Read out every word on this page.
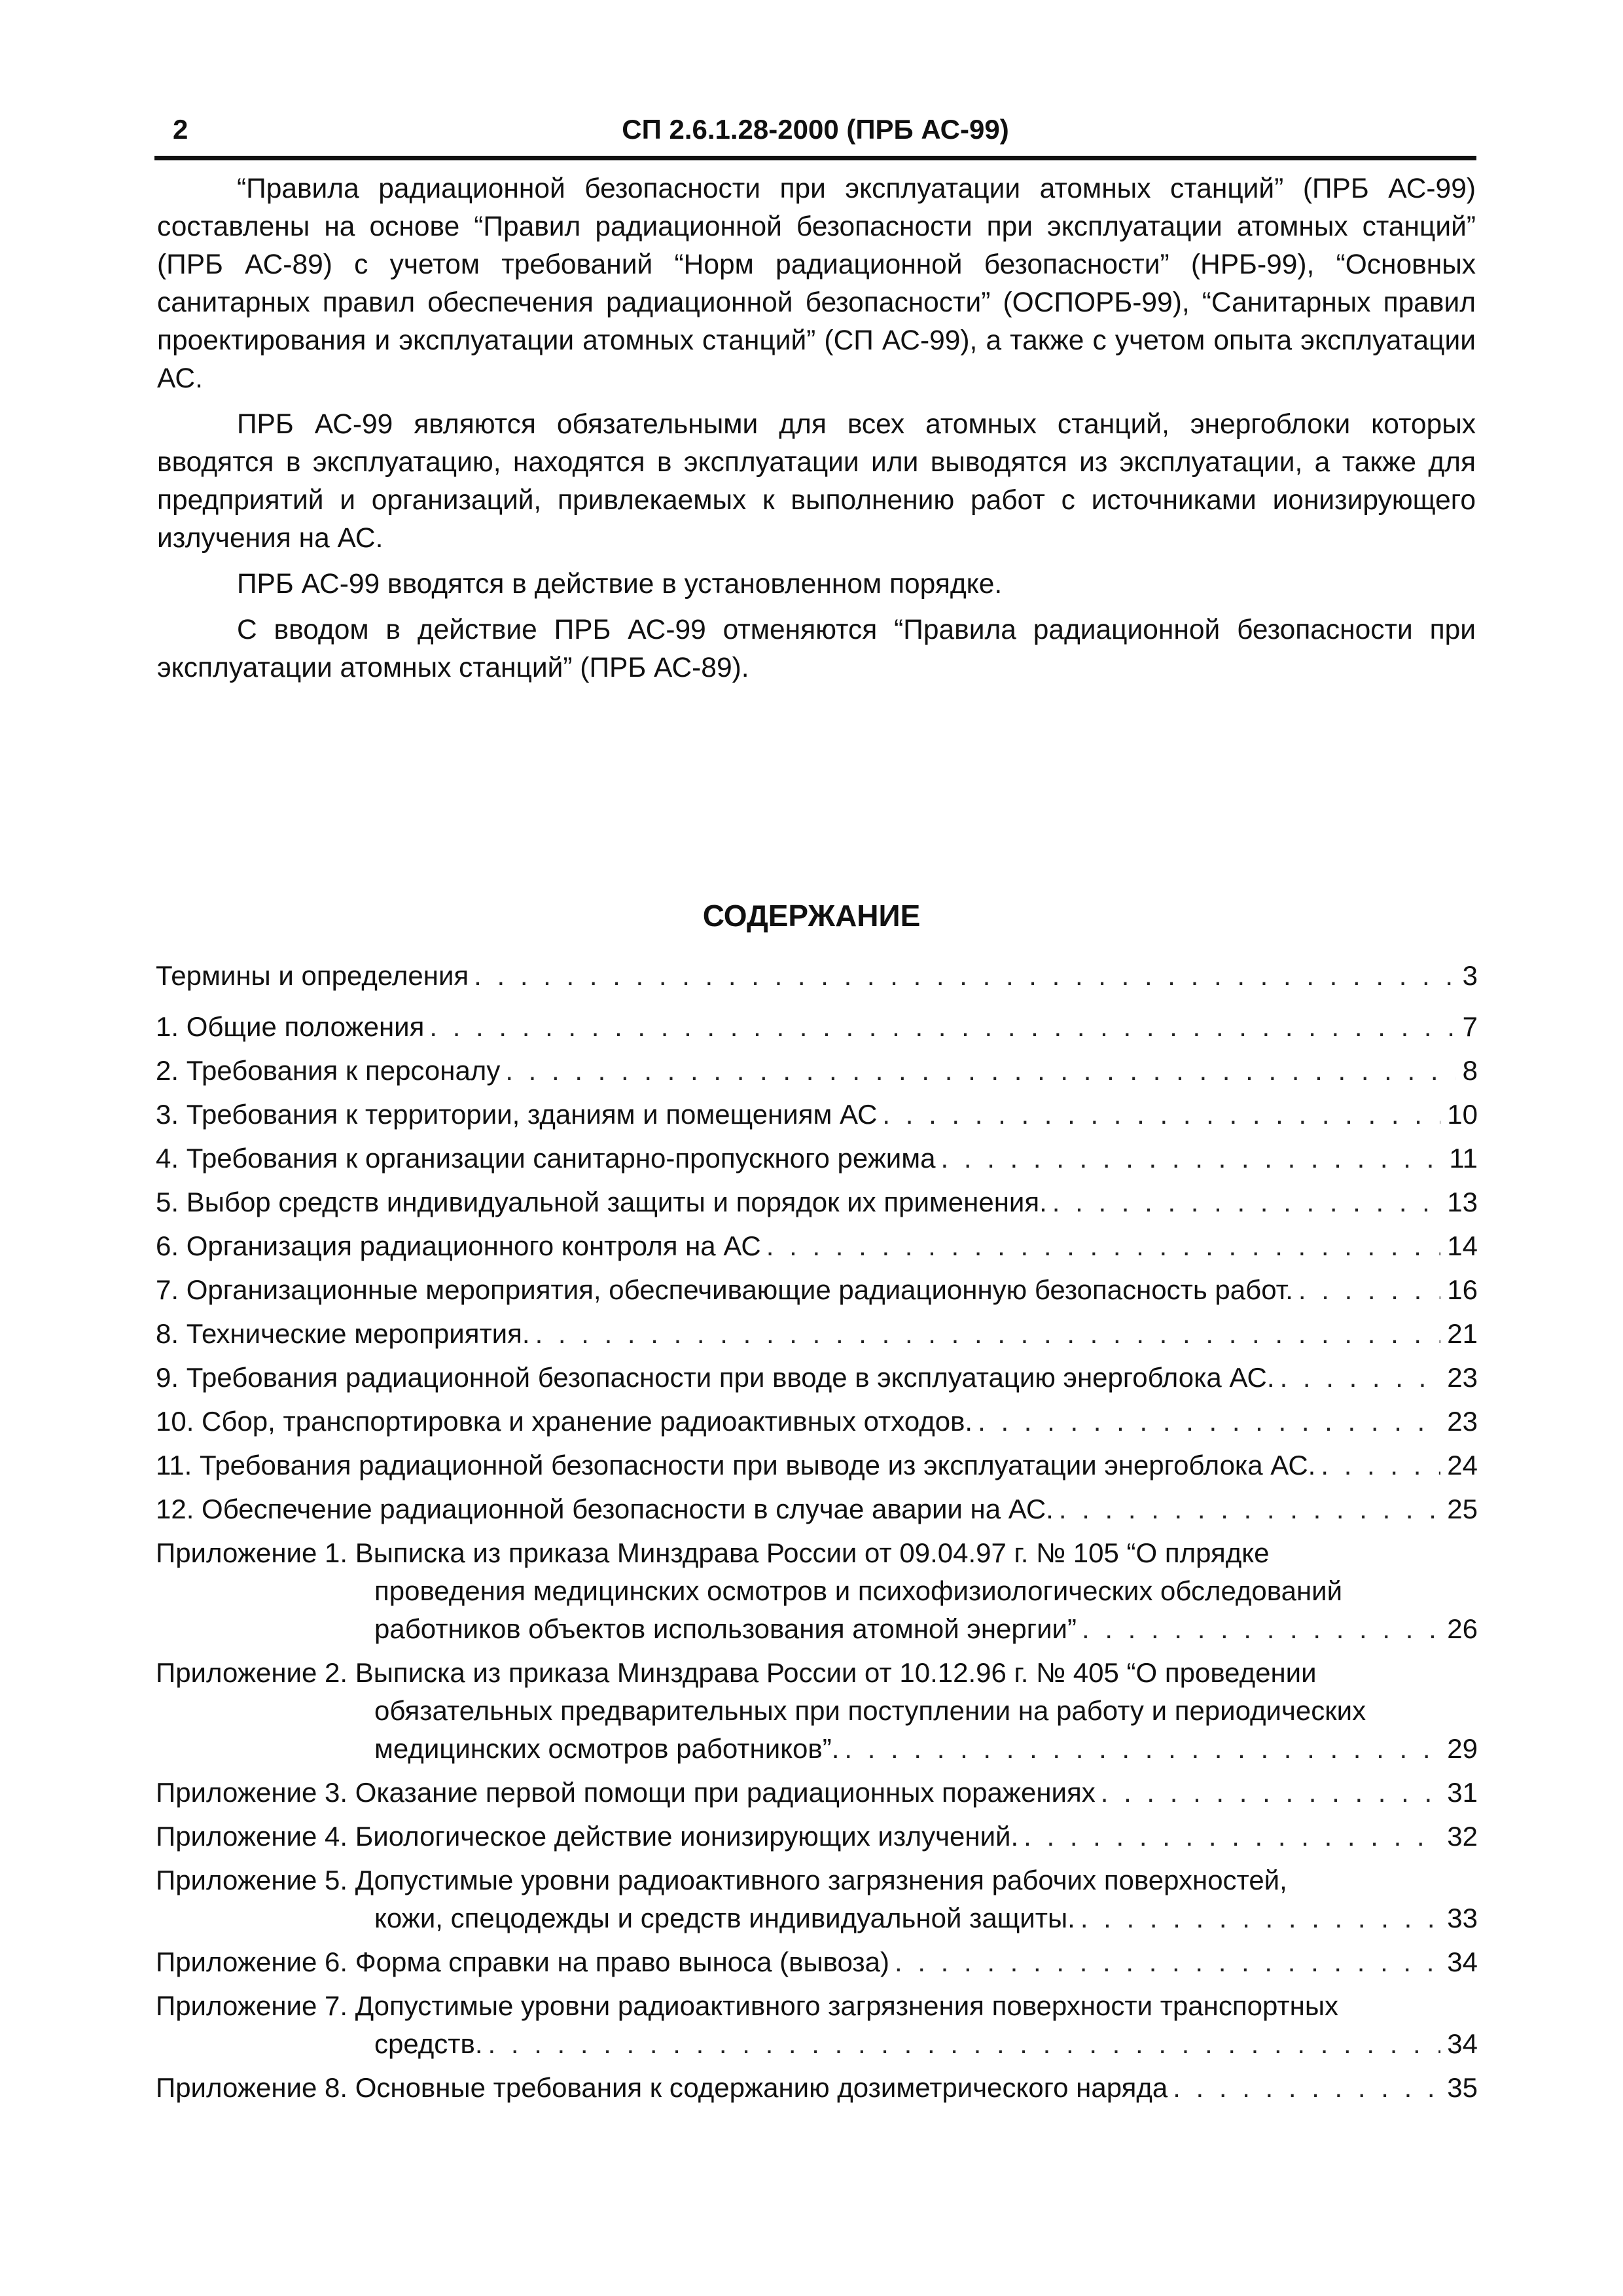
2	СП 2.6.1.28-2000 (ПРБ АС-99)

“Правила радиационной безопасности при эксплуатации атомных станций” (ПРБ АС-99) составлены на основе “Правил радиационной безопасности при эксплуатации атомных станций” (ПРБ АС-89) с учетом требований “Норм радиационной безопасности” (НРБ-99), “Основных санитарных правил обеспечения радиационной безопасности” (ОСПОРБ-99), “Санитарных правил проектирования и эксплуатации атомных станций” (СП АС-99), а также с учетом опыта эксплуатации АС.

ПРБ АС-99 являются обязательными для всех атомных станций, энергоблоки которых вводятся в эксплуатацию, находятся в эксплуатации или выводятся из эксплуатации, а также для предприятий и организаций, привлекаемых к выполнению работ с источниками ионизирующего излучения на АС.

ПРБ АС-99 вводятся в действие в установленном порядке.

С вводом в действие ПРБ АС-99 отменяются “Правила радиационной безопасности при эксплуатации атомных станций” (ПРБ АС-89).

СОДЕРЖАНИЕ
Термины и определения . . .	3
1. Общие положения . . .	7
2. Требования к персоналу . . .	8
3. Требования к территории, зданиям и помещениям АС . . .	10
4. Требования к организации санитарно-пропускного режима . . .	11
5. Выбор средств индивидуальной защиты и порядок их применения. . . .	13
6. Организация радиационного контроля на АС . . .	14
7. Организационные мероприятия, обеспечивающие радиационную безопасность работ. . . .	16
8. Технические мероприятия. . . .	21
9. Требования радиационной безопасности при вводе в эксплуатацию энергоблока АС. . . .	23
10. Сбор, транспортировка и хранение радиоактивных отходов. . . .	23
11. Требования радиационной безопасности при выводе из эксплуатации энергоблока АС. . . .	24
12. Обеспечение радиационной безопасности в случае аварии на АС. . . .	25
Приложение 1. Выписка из приказа Минздрава России от 09.04.97 г. № 105 “О плрядке
проведения медицинских осмотров и психофизиологических обследований
работников объектов использования атомной энергии” . . .	26
Приложение 2. Выписка из приказа Минздрава России от 10.12.96 г. № 405 “О проведении
обязательных предварительных при поступлении на работу и периодических
медицинских осмотров работников”. . . .	29
Приложение 3. Оказание первой помощи при радиационных поражениях . . .	31
Приложение 4. Биологическое действие ионизирующих излучений. . . .	32
Приложение 5. Допустимые уровни радиоактивного загрязнения рабочих поверхностей,
кожи, спецодежды и средств индивидуальной защиты. . . .	33
Приложение 6. Форма справки на право выноса (вывоза) . . .	34
Приложение 7. Допустимые уровни радиоактивного загрязнения поверхности транспортных
средств. . . .	34
Приложение 8. Основные требования к содержанию дозиметрического наряда . . .	35
